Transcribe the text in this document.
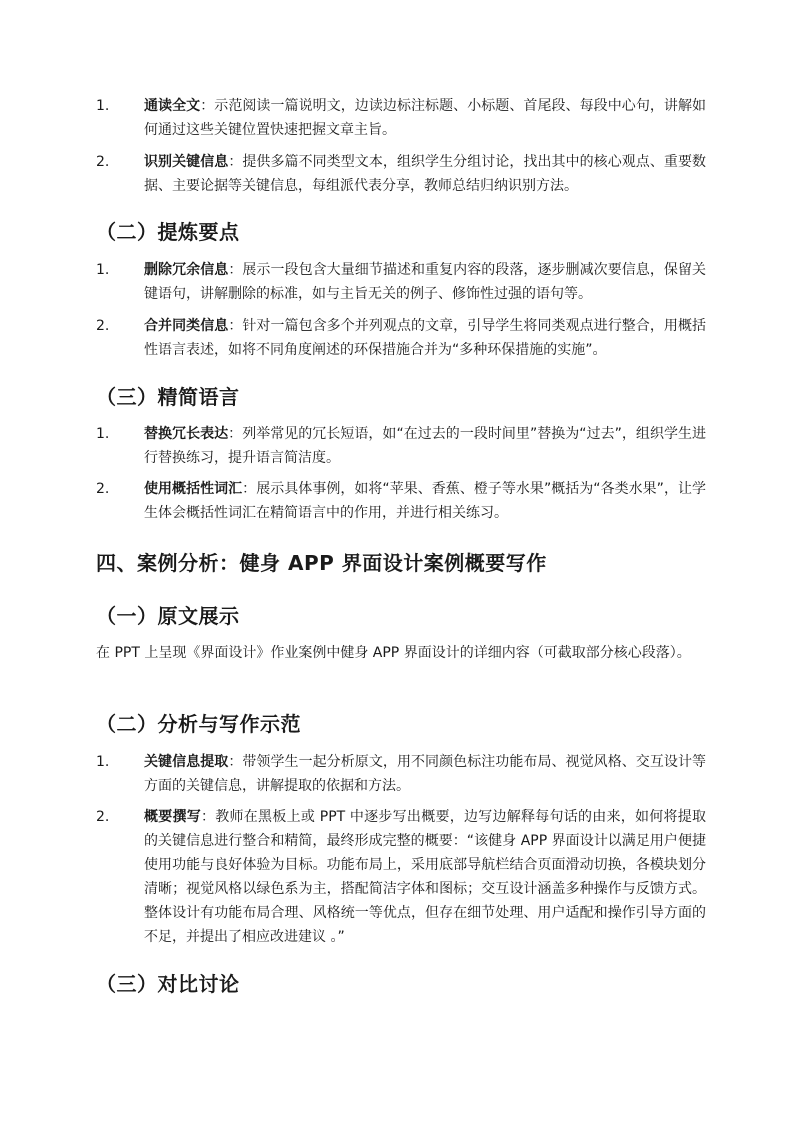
1. 通读全文：示范阅读一篇说明文，边读边标注标题、小标题、首尾段、每段中心句，讲解如何通过这些关键位置快速把握文章主旨。
2. 识别关键信息：提供多篇不同类型文本，组织学生分组讨论，找出其中的核心观点、重要数据、主要论据等关键信息，每组派代表分享，教师总结归纳识别方法。
（二）提炼要点
1. 删除冗余信息：展示一段包含大量细节描述和重复内容的段落，逐步删减次要信息，保留关键语句，讲解删除的标准，如与主旨无关的例子、修饰性过强的语句等。
2. 合并同类信息：针对一篇包含多个并列观点的文章，引导学生将同类观点进行整合，用概括性语言表述，如将不同角度阐述的环保措施合并为“多种环保措施的实施”。
（三）精简语言
1. 替换冗长表达：列举常见的冗长短语，如“在过去的一段时间里”替换为“过去”，组织学生进行替换练习，提升语言简洁度。
2. 使用概括性词汇：展示具体事例，如将“苹果、香蕉、橙子等水果”概括为“各类水果”，让学生体会概括性词汇在精简语言中的作用，并进行相关练习。
四、案例分析：健身 APP 界面设计案例概要写作
（一）原文展示
在 PPT 上呈现《界面设计》作业案例中健身 APP 界面设计的详细内容（可截取部分核心段落）。
（二）分析与写作示范
1. 关键信息提取：带领学生一起分析原文，用不同颜色标注功能布局、视觉风格、交互设计等方面的关键信息，讲解提取的依据和方法。
2. 概要撰写：教师在黑板上或 PPT 中逐步写出概要，边写边解释每句话的由来，如何将提取的关键信息进行整合和精简，最终形成完整的概要：“该健身 APP 界面设计以满足用户便捷使用功能与良好体验为目标。功能布局上，采用底部导航栏结合页面滑动切换，各模块划分清晰；视觉风格以绿色系为主，搭配简洁字体和图标；交互设计涵盖多种操作与反馈方式。整体设计有功能布局合理、风格统一等优点，但存在细节处理、用户适配和操作引导方面的不足，并提出了相应改进建议 。”
（三）对比讨论
